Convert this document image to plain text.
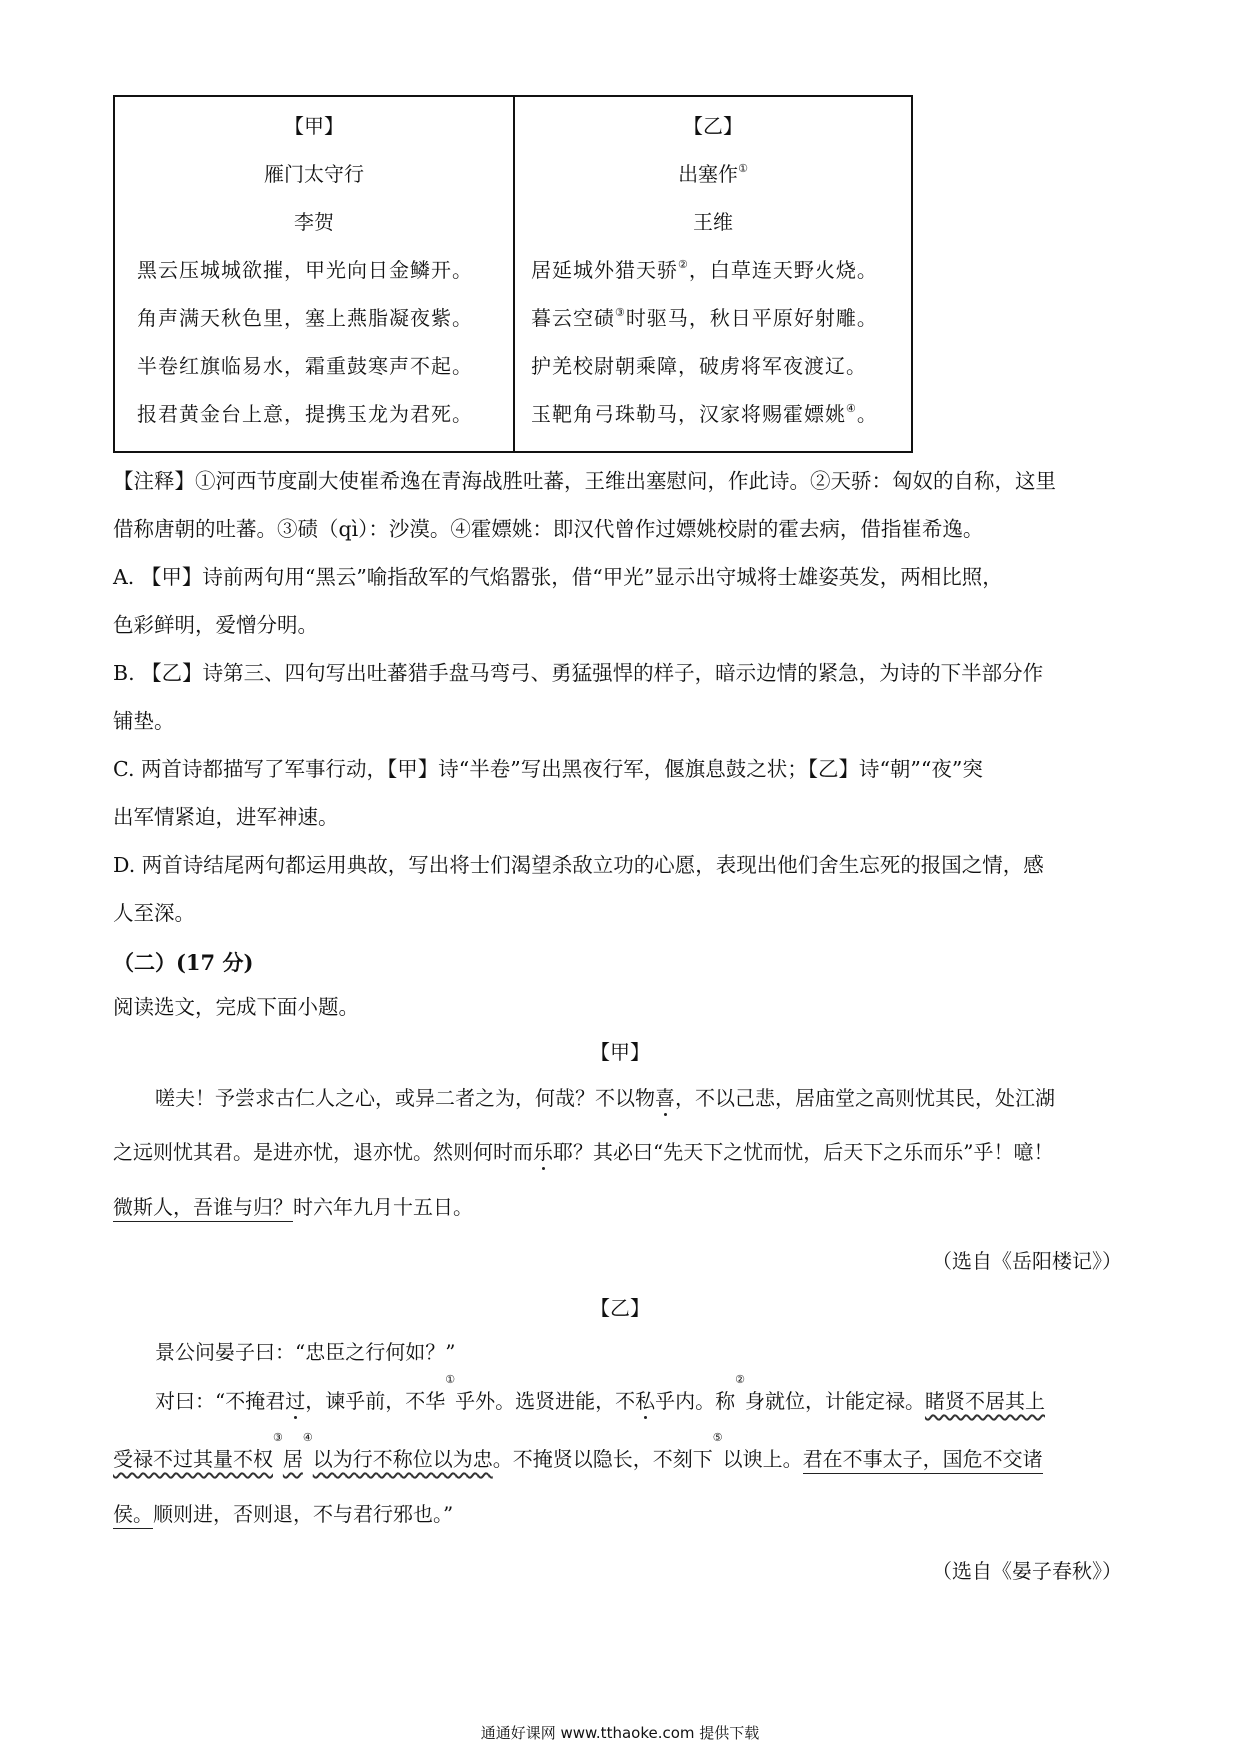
【甲】
雁门太守行
李贺
黑云压城城欲摧，甲光向日金鳞开。
角声满天秋色里，塞上燕脂凝夜紫。
半卷红旗临易水，霜重鼓寒声不起。
报君黄金台上意，提携玉龙为君死。
【乙】
出塞作①
王维
居延城外猎天骄②，白草连天野火烧。
暮云空碛③时驱马，秋日平原好射雕。
护羌校尉朝乘障，破虏将军夜渡辽。
玉靶角弓珠勒马，汉家将赐霍嫖姚④。
【注释】①河西节度副大使崔希逸在青海战胜吐蕃，王维出塞慰问，作此诗。②天骄：匈奴的自称，这里
借称唐朝的吐蕃。③碛（qì）：沙漠。④霍嫖姚：即汉代曾作过嫖姚校尉的霍去病，借指崔希逸。
A. 【甲】诗前两句用“黑云”喻指敌军的气焰嚣张，借“甲光”显示出守城将士雄姿英发，两相比照，
色彩鲜明，爱憎分明。
B. 【乙】诗第三、四句写出吐蕃猎手盘马弯弓、勇猛强悍的样子，暗示边情的紧急，为诗的下半部分作
铺垫。
C. 两首诗都描写了军事行动，【甲】诗“半卷”写出黑夜行军，偃旗息鼓之状；【乙】诗“朝”“夜”突
出军情紧迫，进军神速。
D. 两首诗结尾两句都运用典故，写出将士们渴望杀敌立功的心愿，表现出他们舍生忘死的报国之情，感
人至深。
（二）(17 分)
阅读选文，完成下面小题。
【甲】
嗟夫！予尝求古仁人之心，或异二者之为，何哉？不以物喜，不以己悲，居庙堂之高则忧其民，处江湖
之远则忧其君。是进亦忧，退亦忧。然则何时而乐耶？其必曰“先天下之忧而忧，后天下之乐而乐”乎！噫！
微斯人，吾谁与归？时六年九月十五日。
（选自《岳阳楼记》）
【乙】
景公问晏子曰：“忠臣之行何如？”
对曰：“不掩君过，谏乎前，不华①乎外。选贤进能，不私乎内。称②身就位，计能定禄。睹贤不居其上
受禄不过其量不权③居④以为行不称位以为忠。不掩贤以隐长，不刻下⑤以谀上。君在不事太子，国危不交诸
侯。顺则进，否则退，不与君行邪也。”
（选自《晏子春秋》）
通通好课网 www.tthaoke.com 提供下载
